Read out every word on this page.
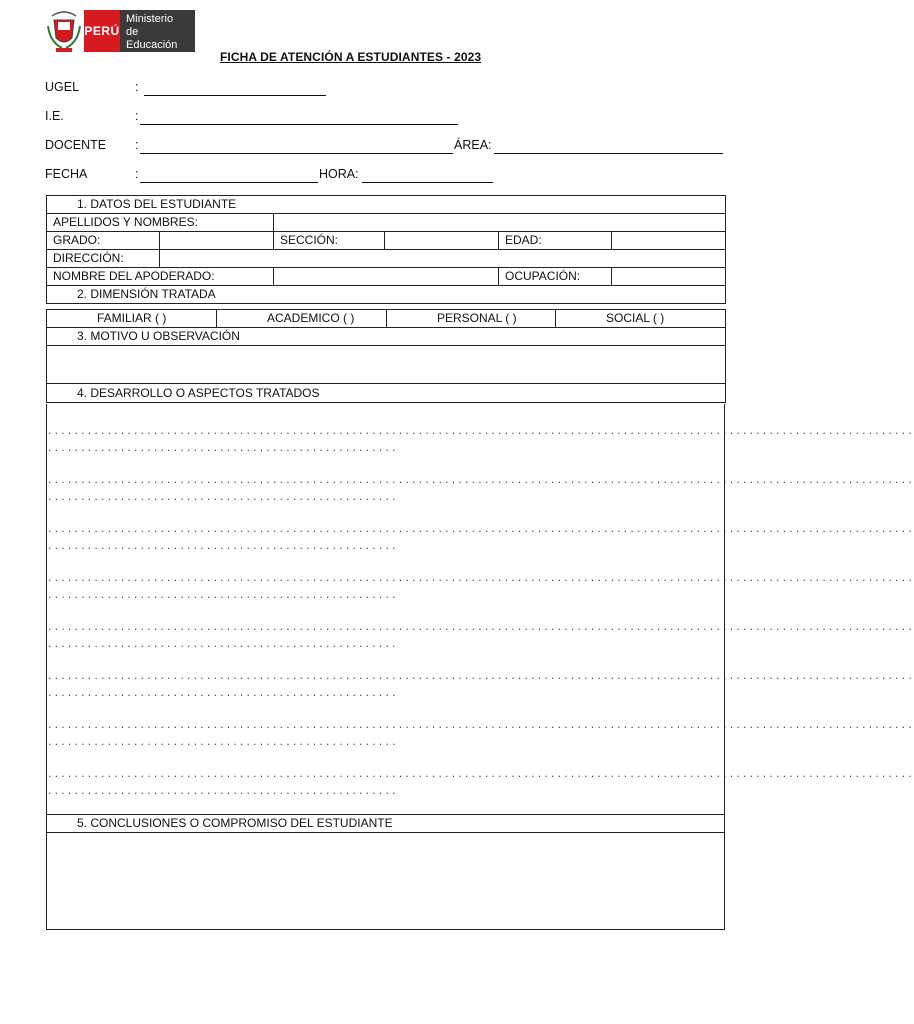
PERÚ
Ministerio
de Educación
FICHA DE ATENCIÓN A ESTUDIANTES - 2023
UGEL	:
I.E.	:
DOCENTE :	ÁREA:
FECHA	:	HORA:
1. DATOS DEL ESTUDIANTE					
APELLIDOS Y NOMBRES:					
GRADO:		SECCIÓN:		EDAD:	
DIRECCIÓN:					
NOMBRE DEL APODERADO:				OCUPACIÓN:	
2. DIMENSIÓN TRATADA					
FAMILIAR ( )	ACADEMICO ( )	PERSONAL ( )	SOCIAL ( )
3. MOTIVO U OBSERVACIÓN

4. DESARROLLO O ASPECTOS TRATADOS
...................................................................................................................................
.....................................................
...................................................................................................................................
.....................................................
...................................................................................................................................
.....................................................
...................................................................................................................................
.....................................................
...................................................................................................................................
.....................................................
...................................................................................................................................
.....................................................
...................................................................................................................................
.....................................................
...................................................................................................................................
.....................................................
5. CONCLUSIONES O COMPROMISO DEL ESTUDIANTE
